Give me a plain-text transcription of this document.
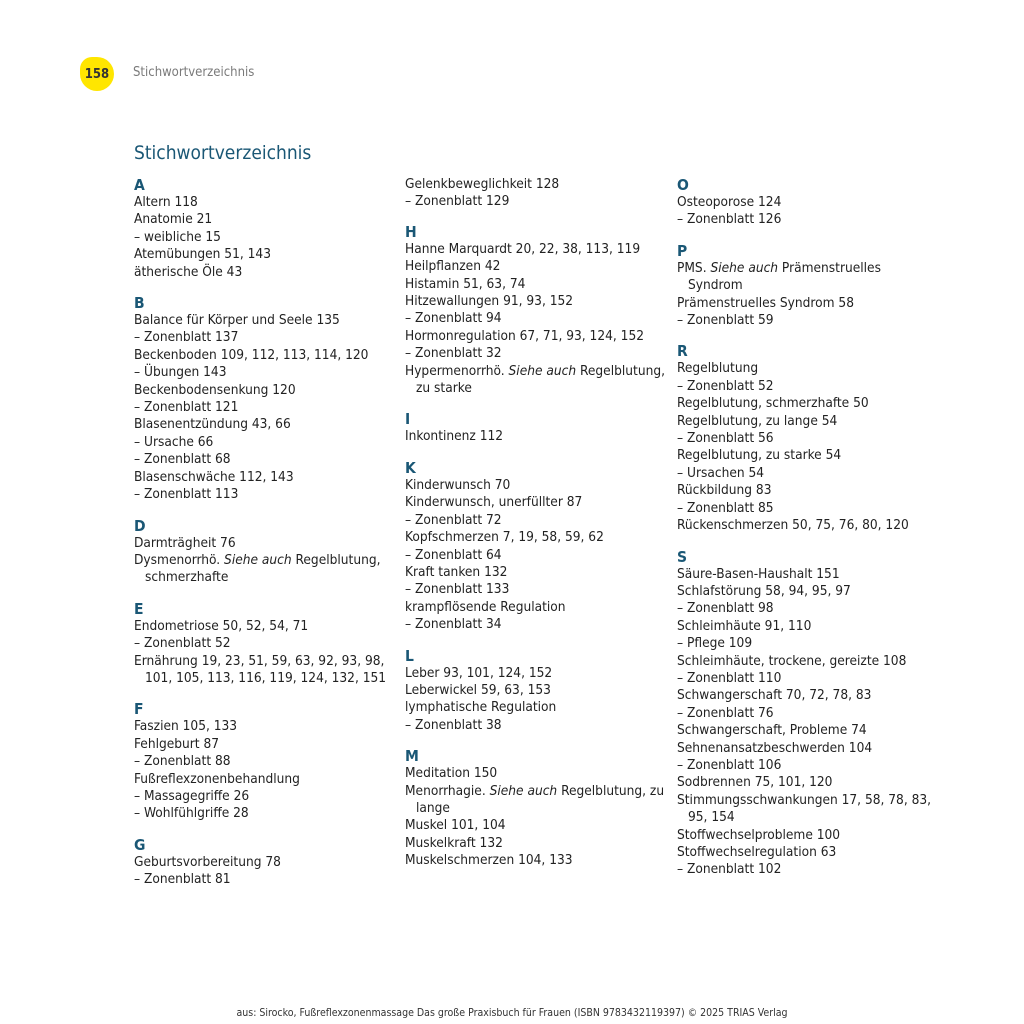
158 Stichwortverzeichnis
Stichwortverzeichnis
A
Altern 118
Anatomie 21
– weibliche 15
Atemübungen 51, 143
ätherische Öle 43
B
Balance für Körper und Seele 135
– Zonenblatt 137
Beckenboden 109, 112, 113, 114, 120
– Übungen 143
Beckenbodensenkung 120
– Zonenblatt 121
Blasenentzündung 43, 66
– Ursache 66
– Zonenblatt 68
Blasenschwäche 112, 143
– Zonenblatt 113
D
Darmträgheit 76
Dysmenorrhö. Siehe auch Regelblutung, schmerzhafte
E
Endometriose 50, 52, 54, 71
– Zonenblatt 52
Ernährung 19, 23, 51, 59, 63, 92, 93, 98, 101, 105, 113, 116, 119, 124, 132, 151
F
Faszien 105, 133
Fehlgeburt 87
– Zonenblatt 88
Fußreflexzonenbehandlung
– Massagegriffe 26
– Wohlfühlgriffe 28
G
Geburtsvorbereitung 78
– Zonenblatt 81
Gelenkbeweglichkeit 128
– Zonenblatt 129
H
Hanne Marquardt 20, 22, 38, 113, 119
Heilpflanzen 42
Histamin 51, 63, 74
Hitzewallungen 91, 93, 152
– Zonenblatt 94
Hormonregulation 67, 71, 93, 124, 152
– Zonenblatt 32
Hypermenorrhö. Siehe auch Regelblutung, zu starke
I
Inkontinenz 112
K
Kinderwunsch 70
Kinderwunsch, unerfüllter 87
– Zonenblatt 72
Kopfschmerzen 7, 19, 58, 59, 62
– Zonenblatt 64
Kraft tanken 132
– Zonenblatt 133
krampflösende Regulation
– Zonenblatt 34
L
Leber 93, 101, 124, 152
Leberwickel 59, 63, 153
lymphatische Regulation
– Zonenblatt 38
M
Meditation 150
Menorrhagie. Siehe auch Regelblutung, zu lange
Muskel 101, 104
Muskelkraft 132
Muskelschmerzen 104, 133
O
Osteoporose 124
– Zonenblatt 126
P
PMS. Siehe auch Prämenstruelles Syndrom
Prämenstruelles Syndrom 58
– Zonenblatt 59
R
Regelblutung
– Zonenblatt 52
Regelblutung, schmerzhafte 50
Regelblutung, zu lange 54
– Zonenblatt 56
Regelblutung, zu starke 54
– Ursachen 54
Rückbildung 83
– Zonenblatt 85
Rückenschmerzen 50, 75, 76, 80, 120
S
Säure-Basen-Haushalt 151
Schlafstörung 58, 94, 95, 97
– Zonenblatt 98
Schleimhäute 91, 110
– Pflege 109
Schleimhäute, trockene, gereizte 108
– Zonenblatt 110
Schwangerschaft 70, 72, 78, 83
– Zonenblatt 76
Schwangerschaft, Probleme 74
Sehnenansatzbeschwerden 104
– Zonenblatt 106
Sodbrennen 75, 101, 120
Stimmungsschwankungen 17, 58, 78, 83, 95, 154
Stoffwechselprobleme 100
Stoffwechselregulation 63
– Zonenblatt 102
aus: Sirocko, Fußreflexzonenmassage Das große Praxisbuch für Frauen (ISBN 9783432119397) © 2025 TRIAS Verlag
